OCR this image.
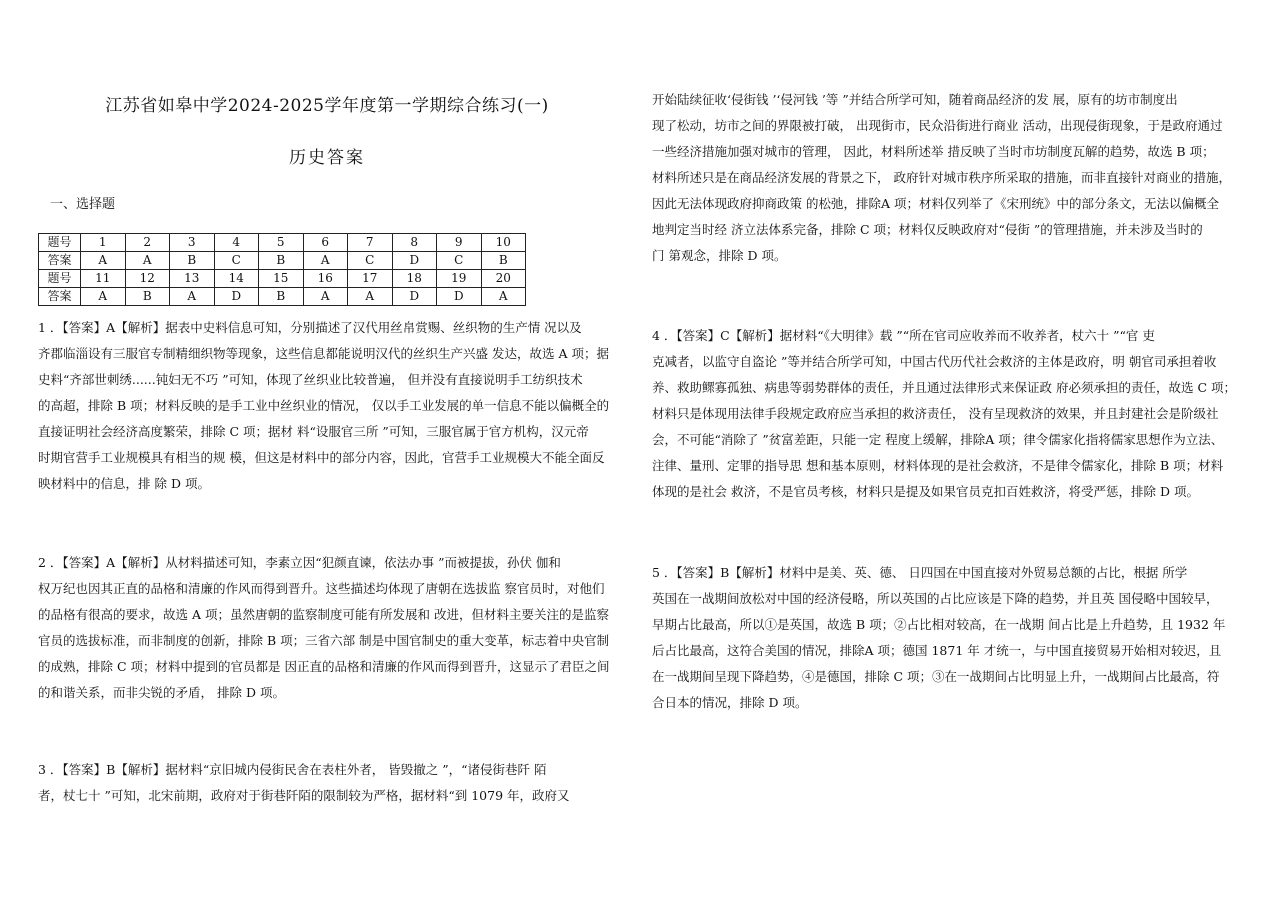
江苏省如皋中学2024-2025学年度第一学期综合练习(一)
历史答案
一、选择题
题号	1	2	3	4	5	6	7	8	9	10
答案	A	A	B	C	B	A	C	D	C	B
题号	11	12	13	14	15	16	17	18	19	20
答案	A	B	A	D	B	A	A	D	D	A

1 ．【答案】A【解析】据表中史料信息可知，分别描述了汉代用丝帛赏赐、丝织物的生产情 况以及

齐郡临淄设有三服官专制精细织物等现象，这些信息都能说明汉代的丝织生产兴盛 发达，故选 A 项；据

史料“齐部世刺绣......钝妇无不巧 ”可知，体现了丝织业比较普遍， 但并没有直接说明手工纺织技术

的高超，排除 B 项；材料反映的是手工业中丝织业的情况， 仅以手工业发展的单一信息不能以偏概全的

直接证明社会经济高度繁荣，排除 C 项；据材 料“设服官三所 ”可知，三服官属于官方机构，汉元帝

时期官营手工业规模具有相当的规 模，但这是材料中的部分内容，因此，官营手工业规模大不能全面反

映材料中的信息，排 除 D 项。

2 ．【答案】A【解析】从材料描述可知，李素立因“犯颜直谏，依法办事 ”而被提拔，孙伏 伽和

权万纪也因其正直的品格和清廉的作风而得到晋升。这些描述均体现了唐朝在选拔监 察官员时，对他们

的品格有很高的要求，故选 A 项；虽然唐朝的监察制度可能有所发展和 改进，但材料主要关注的是监察

官员的选拔标准，而非制度的创新，排除 B 项；三省六部 制是中国官制史的重大变革，标志着中央官制

的成熟，排除 C 项；材料中提到的官员都是 因正直的品格和清廉的作风而得到晋升，这显示了君臣之间

的和谐关系，而非尖锐的矛盾， 排除 D 项。

3 ．【答案】B【解析】据材料“京旧城内侵街民舍在表柱外者， 皆毁撤之 ”，“诸侵街巷阡 陌

者，杖七十 ”可知，北宋前期，政府对于街巷阡陌的限制较为严格，据材料“到 1079 年，政府又

开始陆续征收‘侵街钱 ’‘侵河钱 ’等 ”并结合所学可知，随着商品经济的发 展，原有的坊市制度出

现了松动，坊市之间的界限被打破， 出现街市，民众沿街进行商业 活动，出现侵街现象，于是政府通过

一些经济措施加强对城市的管理， 因此，材料所述举 措反映了当时市坊制度瓦解的趋势，故选 B 项；

材料所述只是在商品经济发展的背景之下， 政府针对城市秩序所采取的措施，而非直接针对商业的措施，

因此无法体现政府抑商政策 的松弛，排除A 项；材料仅列举了《宋刑统》中的部分条文，无法以偏概全

地判定当时经 济立法体系完备，排除 C 项；材料仅反映政府对“侵街 ”的管理措施，并未涉及当时的

门 第观念，排除 D 项。

4 ．【答案】C【解析】据材料“《大明律》载 ”“所在官司应收养而不收养者，杖六十 ”“官 吏

克减者，以监守自盗论 ”等并结合所学可知，中国古代历代社会救济的主体是政府，明 朝官司承担着收

养、救助鳏寡孤独、病患等弱势群体的责任，并且通过法律形式来保证政 府必须承担的责任，故选 C 项；

材料只是体现用法律手段规定政府应当承担的救济责任， 没有呈现救济的效果，并且封建社会是阶级社

会，不可能“消除了 ”贫富差距，只能一定 程度上缓解，排除A 项；律令儒家化指将儒家思想作为立法、

注律、量刑、定罪的指导思 想和基本原则，材料体现的是社会救济，不是律令儒家化，排除 B 项；材料

体现的是社会 救济，不是官员考核，材料只是提及如果官员克扣百姓救济，将受严惩，排除 D 项。

5 ．【答案】B【解析】材料中是美、英、德、 日四国在中国直接对外贸易总额的占比，根据 所学

英国在一战期间放松对中国的经济侵略，所以英国的占比应该是下降的趋势，并且英 国侵略中国较早，

早期占比最高，所以①是英国，故选 B 项；②占比相对较高，在一战期 间占比是上升趋势，且 1932 年

后占比最高，这符合美国的情况，排除A 项；德国 1871 年 才统一，与中国直接贸易开始相对较迟，且

在一战期间呈现下降趋势，④是德国，排除 C 项；③在一战期间占比明显上升，一战期间占比最高，符

合日本的情况，排除 D 项。
